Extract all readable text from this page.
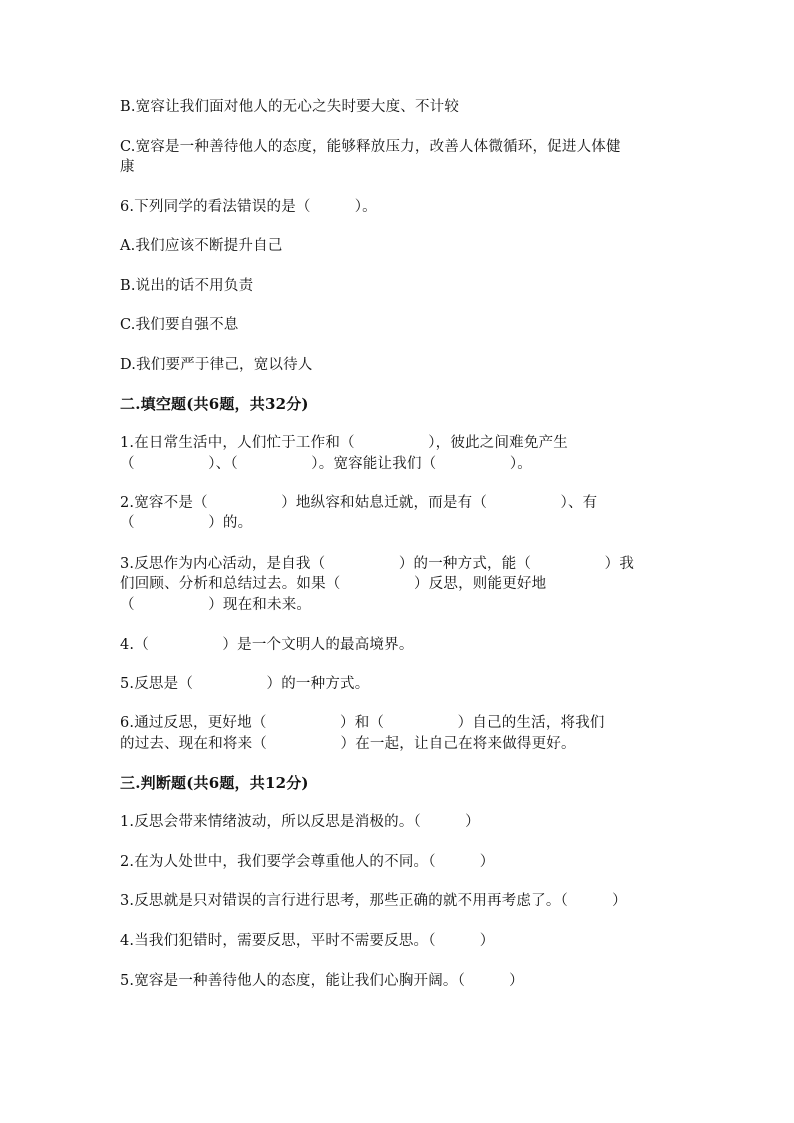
B.宽容让我们面对他人的无心之失时要大度、不计较
C.宽容是一种善待他人的态度，能够释放压力，改善人体微循环，促进人体健
康
6.下列同学的看法错误的是（　　　）。
A.我们应该不断提升自己
B.说出的话不用负责
C.我们要自强不息
D.我们要严于律己，宽以待人
二.填空题(共6题，共32分)
1.在日常生活中，人们忙于工作和（　　　　　），彼此之间难免产生
（　　　　　）、（　　　　　）。宽容能让我们（　　　　　）。
2.宽容不是（　　　　　）地纵容和姑息迁就，而是有（　　　　　）、有
（　　　　　）的。
3.反思作为内心活动，是自我（　　　　　）的一种方式，能（　　　　　）我
们回顾、分析和总结过去。如果（　　　　　）反思，则能更好地
（　　　　　）现在和未来。
4.（　　　　　）是一个文明人的最高境界。
5.反思是（　　　　　）的一种方式。
6.通过反思，更好地（　　　　　）和（　　　　　）自己的生活，将我们
的过去、现在和将来（　　　　　）在一起，让自己在将来做得更好。
三.判断题(共6题，共12分)
1.反思会带来情绪波动，所以反思是消极的。（　　　）
2.在为人处世中，我们要学会尊重他人的不同。（　　　）
3.反思就是只对错误的言行进行思考，那些正确的就不用再考虑了。（　　　）
4.当我们犯错时，需要反思，平时不需要反思。（　　　）
5.宽容是一种善待他人的态度，能让我们心胸开阔。（　　　）
